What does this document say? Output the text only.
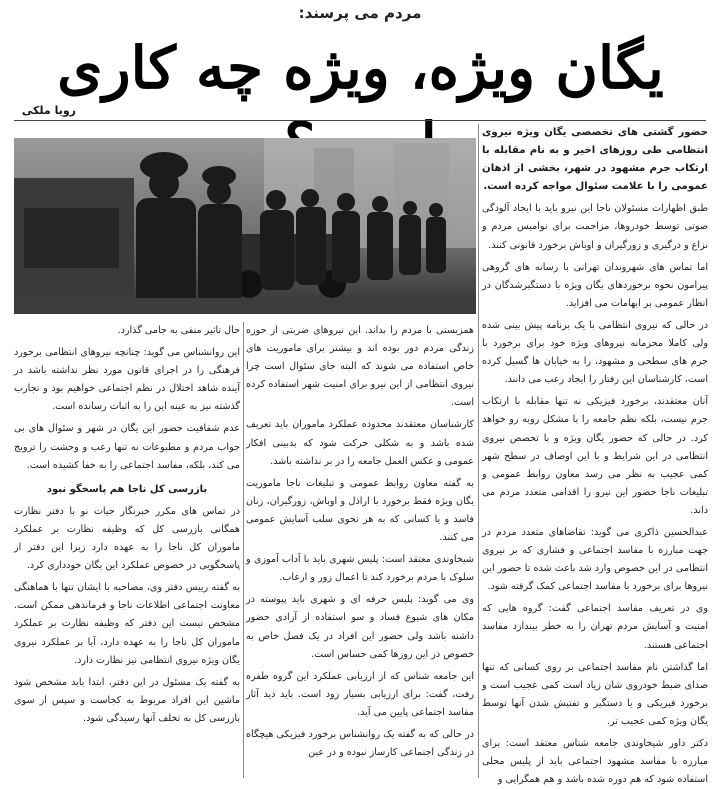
مردم می پرسند:
یگان ویژه، ویژه چه کاری
رویا ملکی

حضور گشتی های تخصصی یگان ویژه نیروی انتظامی طی روزهای اخیر و به نام مقابله با ارتکاب جرم مشهود در شهر، بخشی از اذهان عمومی را با علامت سئوال مواجه کرده است.

طبق اظهارات مسئولان ناجا این نیرو باید با ایجاد آلودگی صوتی توسط خودروها، مزاحمت برای نوامیس مردم و نزاع و درگیری و زورگیران و اوباش برخورد قانونی کنند.

اما تماس های شهروندان تهرانی با رسانه های گروهی پیرامون نحوه برخوردهای یگان ویژه با دستگیرشدگان در انظار عمومی بر ابهامات می افزاید.

در حالی که نیروی انتظامی با یک برنامه پیش بینی شده ولی کاملا محرمانه نیروهای ویژه خود برای برخورد با جرم های سطحی و مشهود، را به خیابان ها گسیل کرده است، کارشناسان این رفتار را ایجاد رعب می دانند.

آنان معتقدند، برخورد فیزیکی نه تنها مقابله با ارتکاب جرم نیست، بلکه نظم جامعه را با مشکل روبه رو خواهد کرد. در حالی که حضور یگان ویژه و با تخصص نیروی انتظامی در این شرایط و با این اوصاف در سطح شهر کمی عجیب به نظر می رسد معاون روابط عمومی و تبلیغات ناجا حضور این نیرو را اقدامی متعدد مردم می داند.

عبدالحسین ذاکری می گوید: تقاضاهای متعدد مردم در جهت مبارزه با مفاسد اجتماعی و فشاری که بر نیروی انتظامی در این خصوص وارد شد باعث شده تا حضور این نیروها برای برخورد با مفاسد اجتماعی کمک گرفته شود.

وی در تعریف مفاسد اجتماعی گفت: گروه هایی که امنیت و آسایش مردم تهران را به خطر بیندازد مفاسد اجتماعی هستند.

اما گذاشتن نام مفاسد اجتماعی بر روی کسانی که تنها صدای ضبط خودروی شان زیاد است کمی عجیب است و برخورد فیزیکی و یا دستگیر و تفتیش شدن آنها توسط یگان ویژه کمی عجیب تر.

دکتر داور شیخاوندی جامعه شناس معتقد است: برای مبارزه با مفاسد مشهود اجتماعی باید از پلیس محلی استفاده شود که هم دوره شده باشد و هم همگرایی و

همزیستی با مردم را بداند. این نیروهای ضربتی از حوزه زندگی مردم دور بوده اند و بیشتر برای ماموریت های خاص استفاده می شوند که البته جای سئوال است چرا نیروی انتظامی از این نیرو برای امنیت شهر استفاده کرده است.

کارشناسان معتقدند محدوده عملکرد ماموران باید تعریف شده باشد و به شکلی حرکت شود که بدبینی افکار عمومی و عکس العمل جامعه را در بر نداشته باشد.

به گفته معاون روابط عمومی و تبلیغات ناجا ماموریت یگان ویژه فقط برخورد با اراذل و اوباش، زورگیران، زنان فاسد و یا کسانی که به هر نحوی سلب آسایش عمومی می کنند.

شیخاوندی معتقد است: پلیس شهری باید با آداب آموزی و سلوک با مردم برخورد کند تا اعمال زور و ارعاب.

وی می گوید: پلیس حرفه ای و شهری باید پیوسته در مکان های شیوع فساد و سو استفاده از آزادی حضور داشته باشد ولی حضور این افراد در یک فصل خاص به خصوص در این روزها کمی حساس است.

این جامعه شناس که از ارزیابی عملکرد این گروه طفره رفت، گفت: برای ارزیابی بسیار زود است. باید دید آثار مفاسد اجتماعی پایین می آید.

در حالی که به گفته یک روانشناس برخورد فیزیکی هیچگاه در زندگی اجتماعی کارساز نبوده و در عین

حال تاثیر منفی به جامی گذارد.

این روانشناس می گوید: چنانچه نیروهای انتظامی برخورد فرهنگی را در اجرای قانون مورد نظر نداشته باشد در آینده شاهد اختلال در نظم اجتماعی خواهیم بود و تجارب گذشته نیز به عینه این را به اثبات رسانده است.

عدم شفافیت حضور این یگان در شهر و سئوال های بی جواب مردم و مطبوعات نه تنها رعب و وحشت را ترویج می کند، بلکه، مفاسد اجتماعی را به خفا کشیده است.

بازرسی کل ناجا هم پاسخگو نبود

در تماس های مکرر خبرنگار حیات نو با دفتر نظارت همگانی بازرسی کل که وظیفه نظارت بر عملکرد ماموران کل ناجا را به عهده دارد زیرا این دفتر از پاسخگویی در خصوص عملکرد این یگان خودداری کرد.

به گفته رییس دفتر وی، مصاحبه با ایشان تنها با هماهنگی معاونت اجتماعی اطلاعات ناجا و فرماندهی ممکن است. مشخص نیست این دفتر که وظیفه نظارت بر عملکرد ماموران کل ناجا را به عهده دارد، آیا بر عملکرد نیروی یگان ویژه نیروی انتظامی نیز نظارت دارد.

به گفته یک مسئول در این دفتر، ابتدا باید مشخص شود ماشین این افراد مربوط به کجاست و سپس از سوی بازرسی کل به تخلف آنها رسیدگی شود.
